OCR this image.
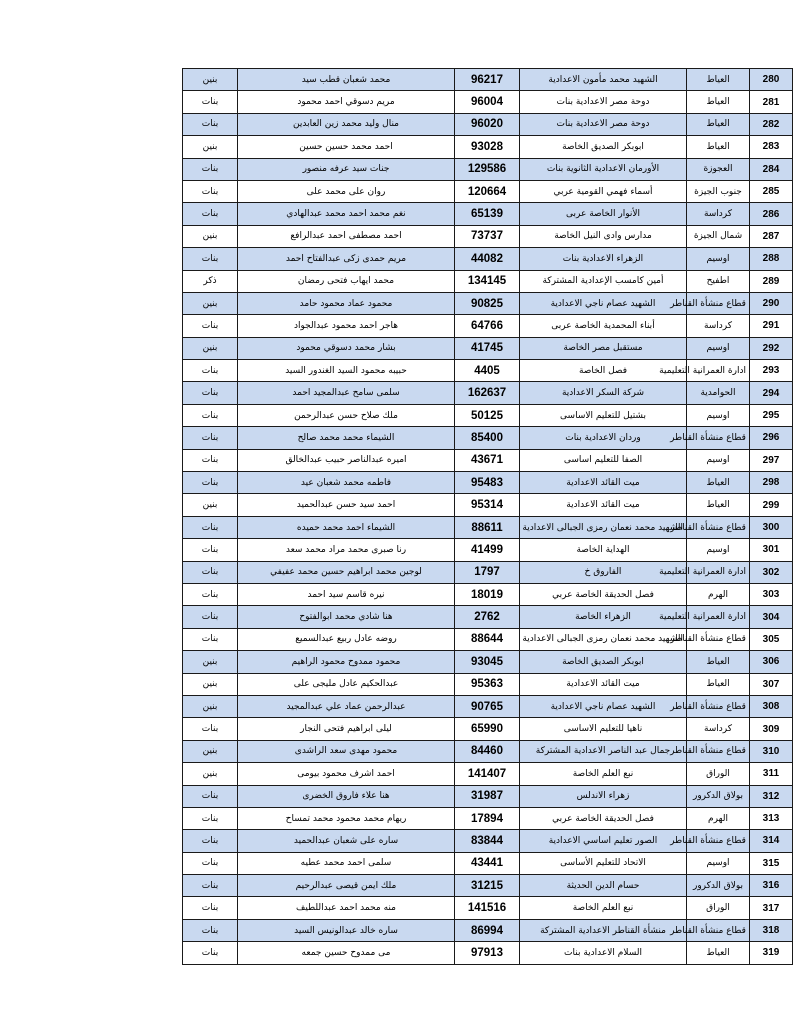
بنين	محمد شعبان قطب سيد	96217	الشهيد محمد مأمون الاعدادية	العياط	280
بنات	مريم دسوقي احمد محمود	96004	دوحة مصر الاعدادية بنات	العياط	281
بنات	منال وليد محمد زين العابدين	96020	دوحة مصر الاعدادية بنات	العياط	282
بنين	احمد محمد حسين حسين	93028	ابوبكر الصديق الخاصة	العياط	283
بنات	جنات سيد عرفه منصور	129586	الأورمان الاعدادية الثانوية بنات	العجوزة	284
بنات	روان على محمد على	120664	أسماء فهمي القومية عربي	جنوب الجيزة	285
بنات	نغم محمد احمد محمد عبدالهادي	65139	الأنوار الخاصة عربى	كرداسة	286
بنين	احمد مصطفى احمد عبدالرافع	73737	مدارس وادى النيل الخاصة	شمال الجيزة	287
بنات	مريم حمدى زكى عبدالفتاح احمد	44082	الزهراء الاعدادية بنات	اوسيم	288
ذكر	محمد ايهاب فتحى رمضان	134145	أمين كامسب الإعدادية المشتركة	اطفيح	289
بنين	محمود عماد محمود حامد	90825	الشهيد عصام ناجي الاعدادية	قطاع منشأة القناطر	290
بنات	هاجر احمد محمود عبدالجواد	64766	أبناء المحمدية الخاصة عربى	كرداسة	291
بنين	بشار محمد دسوقي محمود	41745	مستقبل مصر الخاصة	اوسيم	292
بنات	حبيبه محمود السيد الغندور السيد	4405	فصل الخاصة	ادارة العمرانية التعليمية	293
بنات	سلمى سامح عبدالمجيد احمد	162637	شركة السكر الاعدادية	الحوامدية	294
بنات	ملك صلاح حسن عبدالرحمن	50125	بشتيل للتعليم الاساسى	اوسيم	295
بنات	الشيماء محمد محمد صالح	85400	وردان الاعدادية بنات	قطاع منشأة القناطر	296
بنات	اميره عبدالناصر حبيب عبدالخالق	43671	الصفا للتعليم اساسى	اوسيم	297
بنات	فاطمه محمد شعبان عيد	95483	ميت القائد الاعدادية	العياط	298
بنين	احمد سيد حسن عبدالحميد	95314	ميت القائد الاعدادية	العياط	299
بنات	الشيماء احمد محمد حميده	88611	الشهيد محمد نعمان رمزى الجبالى الاعدادية	قطاع منشأة القناطر	300
بنات	رنا صبرى محمد مراد محمد سعد	41499	الهداية الخاصة	اوسيم	301
بنات	لوجين محمد ابراهيم حسين محمد عفيفي	1797	الفاروق خ	ادارة العمرانية التعليمية	302
بنات	نيره قاسم سيد احمد	18019	فصل الحديقة الخاصة عربي	الهرم	303
بنات	هنا شادي محمد ابوالفتوح	2762	الزهراء الخاصة	ادارة العمرانية التعليمية	304
بنات	روضه عادل ربيع عبدالسميع	88644	الشهيد محمد نعمان رمزى الجبالى الاعدادية	قطاع منشأة القناطر	305
بنين	محمود ممدوح محمود الراهيم	93045	ابوبكر الصديق الخاصة	العياط	306
بنين	عبدالحكيم عادل مليجى على	95363	ميت القائد الاعدادية	العياط	307
بنين	عبدالرحمن عماد علي عبدالمجيد	90765	الشهيد عصام ناجي الاعدادية	قطاع منشأة القناطر	308
بنات	ليلى ابراهيم فتحى النجار	65990	ناهيا للتعليم الاساسى	كرداسة	309
بنين	محمود مهدى سعد الراشدى	84460	جمال عبد الناصر الاعدادية المشتركة	قطاع منشأة القناطر	310
بنين	احمد اشرف محمود بيومى	141407	نبع العلم الخاصة	الوراق	311
بنات	هنا علاء فاروق الخضرى	31987	زهراء الاندلس	بولاق الدكرور	312
بنات	ريهام محمد محمود محمد تمساح	17894	فصل الحديقة الخاصة عربي	الهرم	313
بنات	ساره على شعبان عبدالحميد	83844	الصور تعليم اساسي الاعدادية	قطاع منشأة القناطر	314
بنات	سلمى احمد محمد عطيه	43441	الاتحاد للتعليم الأساسى	اوسيم	315
بنات	ملك ايمن قيصى عبدالرحيم	31215	حسام الدين الحديثة	بولاق الدكرور	316
بنات	منه محمد احمد عبداللطيف	141516	نبع العلم الخاصة	الوراق	317
بنات	ساره خالد عبدالونيس السيد	86994	منشأة القناطر الاعدادية المشتركة	قطاع منشأة القناطر	318
بنات	مى ممدوح حسين جمعه	97913	السلام الاعدادية بنات	العياط	319
